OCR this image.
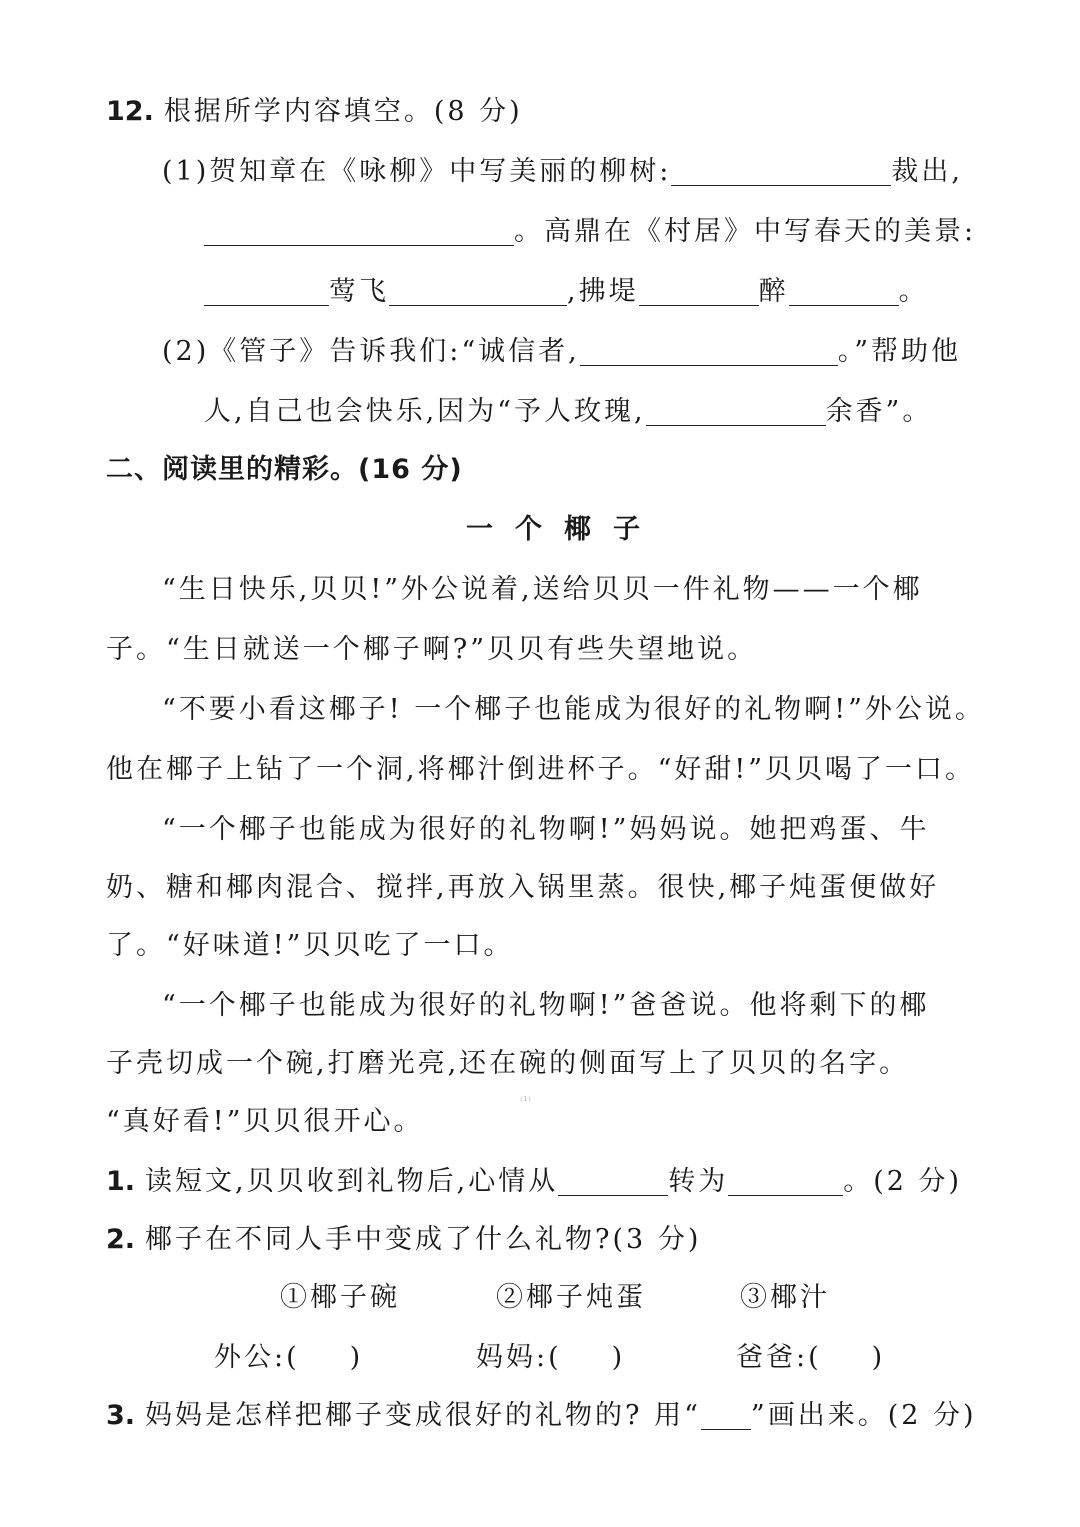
12. 根据所学内容填空。(8 分)
(1)贺知章在《咏柳》中写美丽的柳树:	裁出,
。高鼎在《村居》中写春天的美景:
莺飞	,拂堤	醉	。
(2)《管子》告诉我们:“诚信者,	。”帮助他
人,自己也会快乐,因为“予人玫瑰,	余香”。
二、阅读里的精彩。(16 分)
一个椰子
“生日快乐,贝贝!”外公说着,送给贝贝一件礼物——一个椰
子。“生日就送一个椰子啊?”贝贝有些失望地说。
“不要小看这椰子! 一个椰子也能成为很好的礼物啊!”外公说。
他在椰子上钻了一个洞,将椰汁倒进杯子。“好甜!”贝贝喝了一口。
“一个椰子也能成为很好的礼物啊!”妈妈说。她把鸡蛋、牛
奶、糖和椰肉混合、搅拌,再放入锅里蒸。很快,椰子炖蛋便做好
了。“好味道!”贝贝吃了一口。
“一个椰子也能成为很好的礼物啊!”爸爸说。他将剩下的椰
子壳切成一个碗,打磨光亮,还在碗的侧面写上了贝贝的名字。
“真好看!”贝贝很开心。
⁽¹⁾
1. 读短文,贝贝收到礼物后,心情从	转为	。(2 分)
2. 椰子在不同人手中变成了什么礼物?(3 分)
①椰子碗	②椰子炖蛋	③椰汁
外公:( )	妈妈:( )	爸爸:( )
3. 妈妈是怎样把椰子变成很好的礼物的? 用“ ”画出来。(2 分)
